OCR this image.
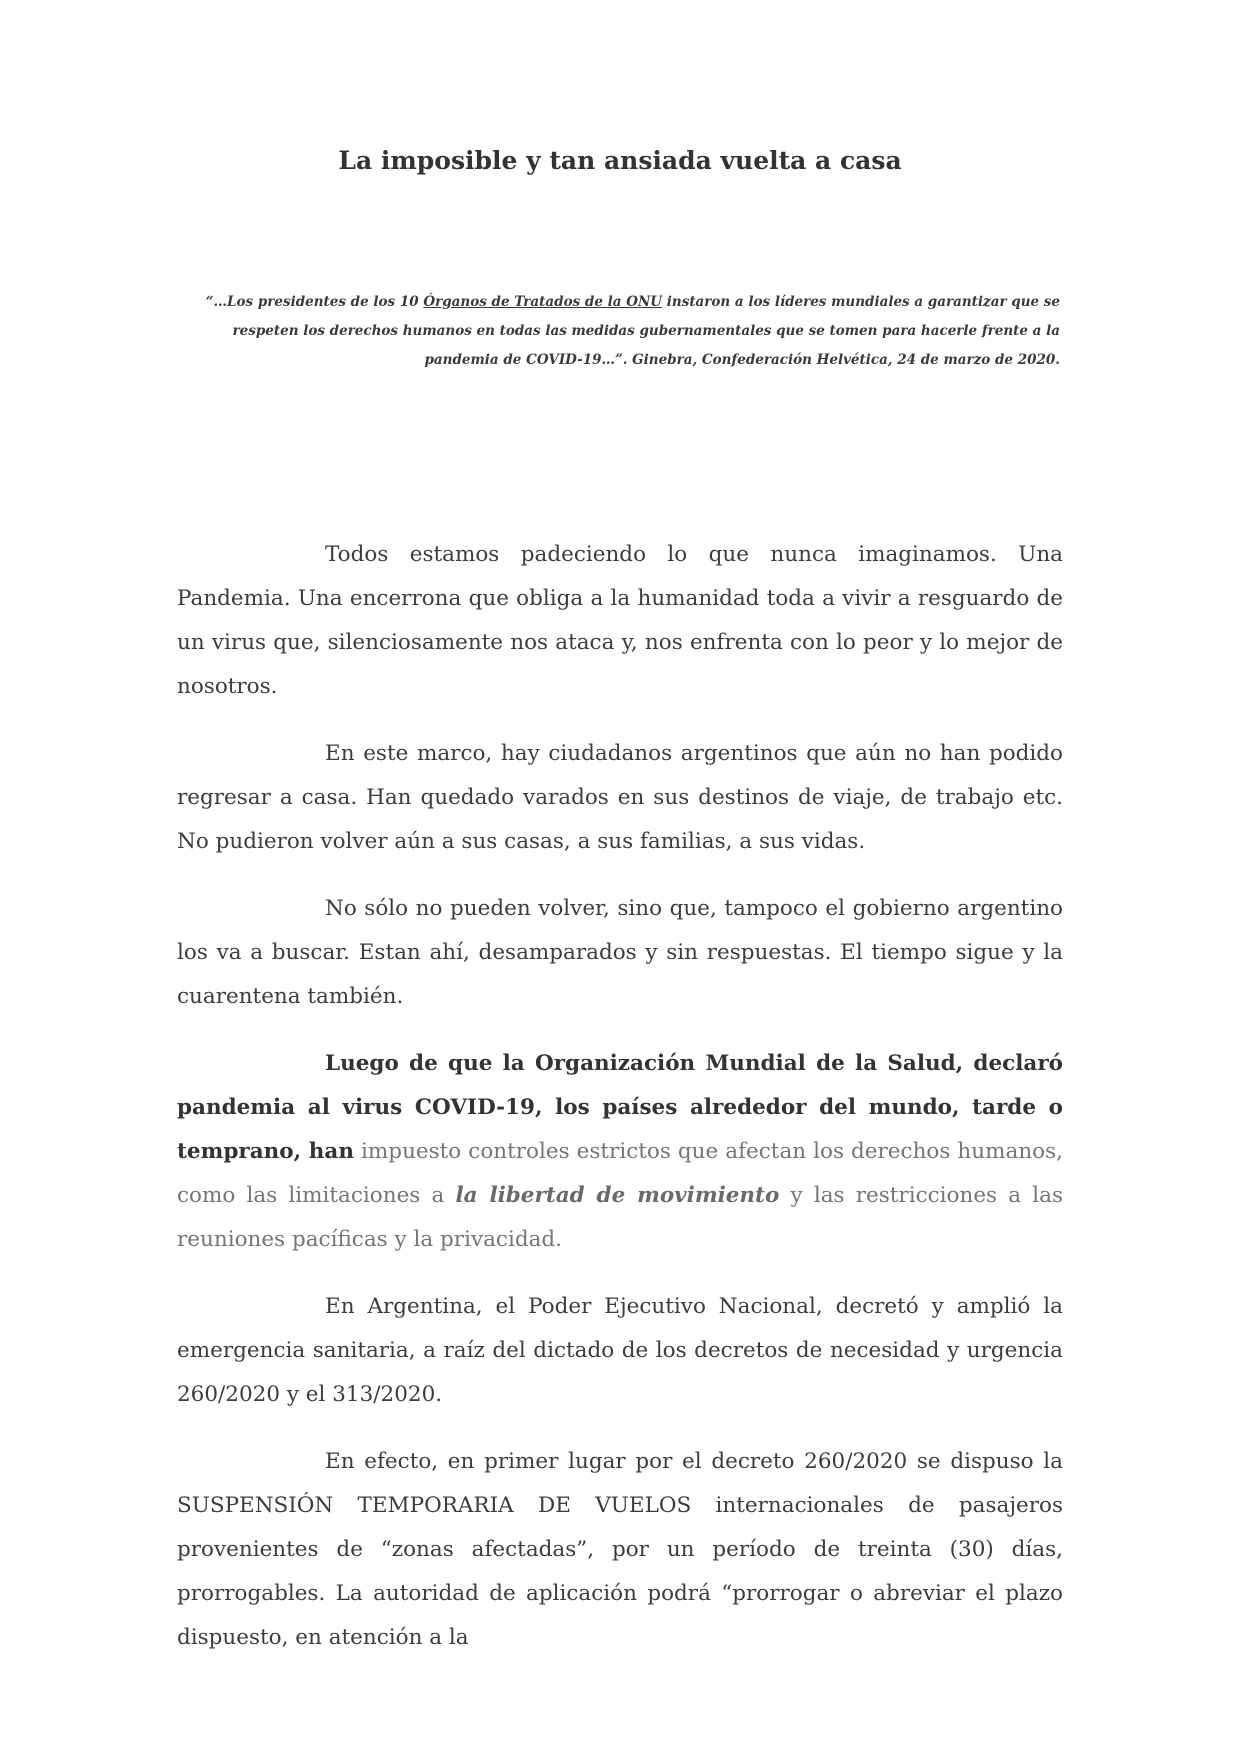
La imposible y tan ansiada vuelta a casa

“…Los presidentes de los 10 Órganos de Tratados de la ONU instaron a los líderes mundiales a garantizar que se respeten los derechos humanos en todas las medidas gubernamentales que se tomen para hacerle frente a la pandemia de COVID-19…”. Ginebra, Confederación Helvética, 24 de marzo de 2020.

Todos estamos padeciendo lo que nunca imaginamos. Una Pandemia. Una encerrona que obliga a la humanidad toda a vivir a resguardo de un virus que, silenciosamente nos ataca y, nos enfrenta con lo peor y lo mejor de nosotros.

En este marco, hay ciudadanos argentinos que aún no han podido regresar a casa. Han quedado varados en sus destinos de viaje, de trabajo etc. No pudieron volver aún a sus casas, a sus familias, a sus vidas.

No sólo no pueden volver, sino que, tampoco el gobierno argentino los va a buscar. Estan ahí, desamparados y sin respuestas. El tiempo sigue y la cuarentena también.

Luego de que la Organización Mundial de la Salud, declaró pandemia al virus COVID-19, los países alrededor del mundo, tarde o temprano, han impuesto controles estrictos que afectan los derechos humanos, como las limitaciones a la libertad de movimiento y las restricciones a las reuniones pacíficas y la privacidad.

En Argentina, el Poder Ejecutivo Nacional, decretó y amplió la emergencia sanitaria, a raíz del dictado de los decretos de necesidad y urgencia 260/2020 y el 313/2020.

En efecto, en primer lugar por el decreto 260/2020 se dispuso la SUSPENSIÓN TEMPORARIA DE VUELOS internacionales de pasajeros provenientes de “zonas afectadas”, por un período de treinta (30) días, prorrogables. La autoridad de aplicación podrá “prorrogar o abreviar el plazo dispuesto, en atención a la
